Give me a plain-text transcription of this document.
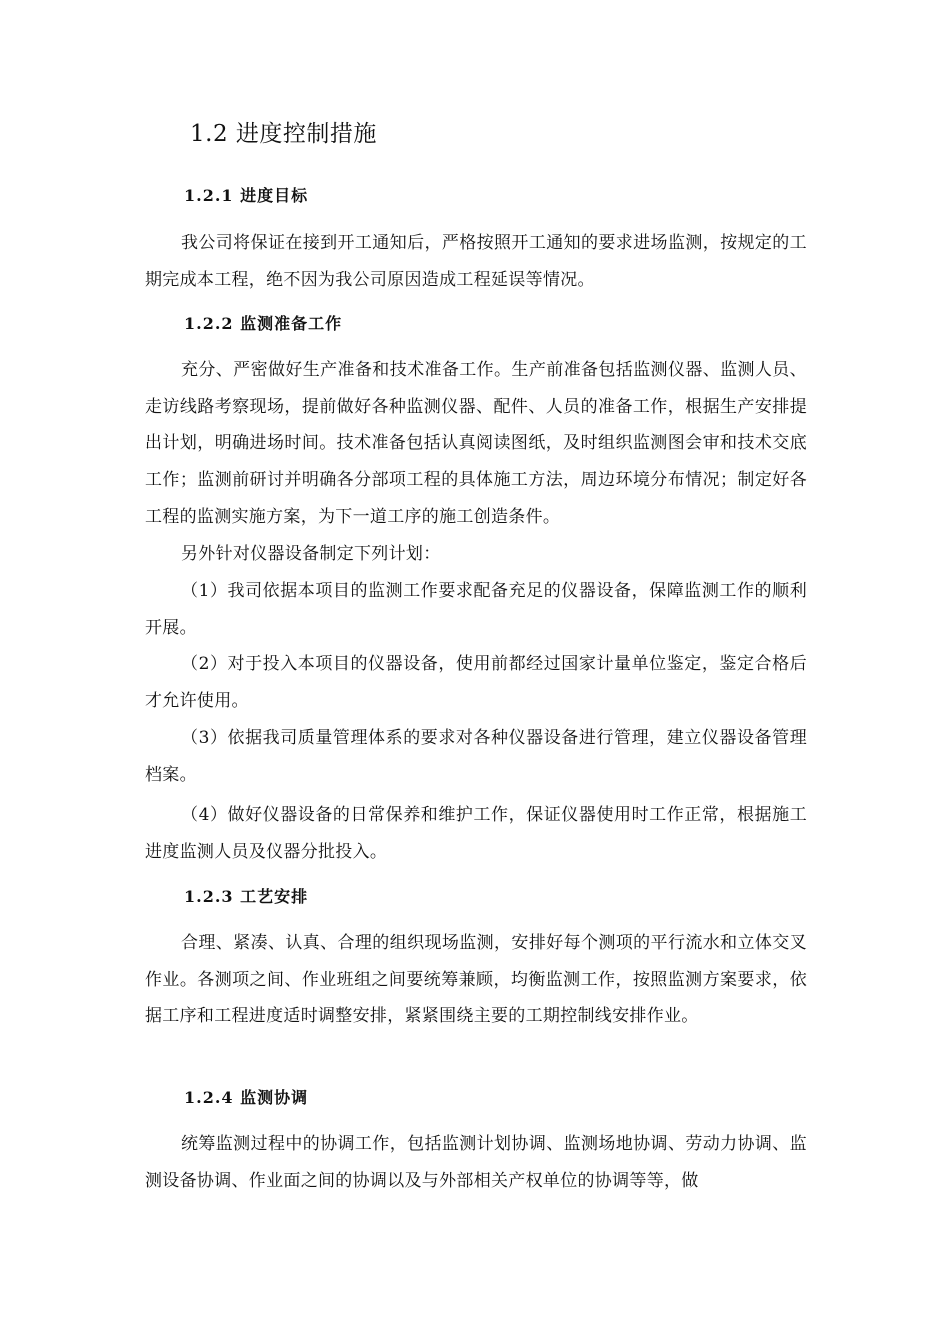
1.2 进度控制措施
1.2.1 进度目标

我公司将保证在接到开工通知后，严格按照开工通知的要求进场监测，按规定的工期完成本工程，绝不因为我公司原因造成工程延误等情况。

1.2.2 监测准备工作

充分、严密做好生产准备和技术准备工作。生产前准备包括监测仪器、监测人员、走访线路考察现场，提前做好各种监测仪器、配件、人员的准备工作，根据生产安排提出计划，明确进场时间。技术准备包括认真阅读图纸，及时组织监测图会审和技术交底工作；监测前研讨并明确各分部项工程的具体施工方法，周边环境分布情况；制定好各工程的监测实施方案，为下一道工序的施工创造条件。

另外针对仪器设备制定下列计划：

（1）我司依据本项目的监测工作要求配备充足的仪器设备，保障监测工作的顺利开展。

（2）对于投入本项目的仪器设备，使用前都经过国家计量单位鉴定，鉴定合格后才允许使用。

（3）依据我司质量管理体系的要求对各种仪器设备进行管理，建立仪器设备管理档案。

（4）做好仪器设备的日常保养和维护工作，保证仪器使用时工作正常，根据施工进度监测人员及仪器分批投入。

1.2.3 工艺安排

合理、紧凑、认真、合理的组织现场监测，安排好每个测项的平行流水和立体交叉作业。各测项之间、作业班组之间要统筹兼顾，均衡监测工作，按照监测方案要求，依据工序和工程进度适时调整安排，紧紧围绕主要的工期控制线安排作业。

1.2.4 监测协调

统筹监测过程中的协调工作，包括监测计划协调、监测场地协调、劳动力协调、监测设备协调、作业面之间的协调以及与外部相关产权单位的协调等等，做
